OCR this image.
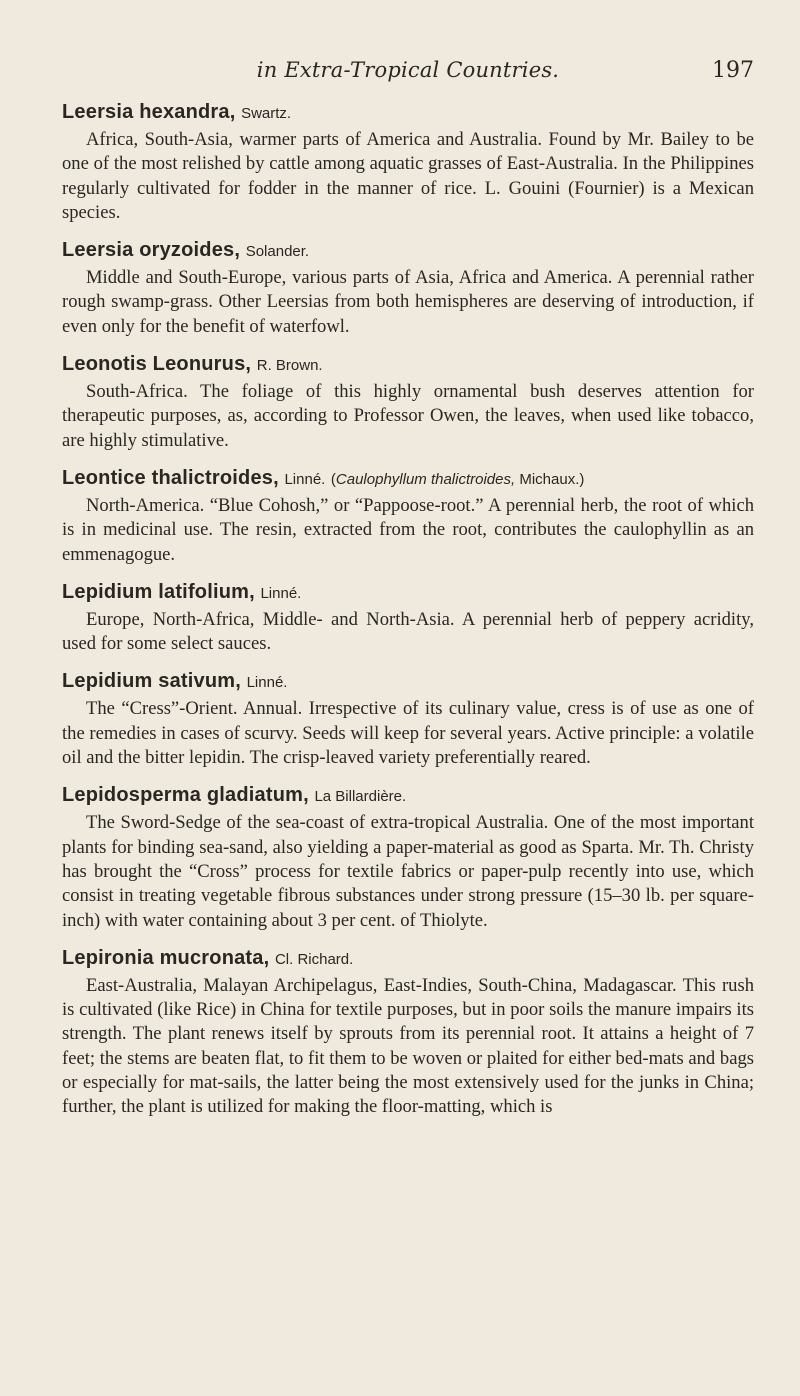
in Extra-Tropical Countries.	197
Leersia hexandra, Swartz.

Africa, South-Asia, warmer parts of America and Australia. Found by Mr. Bailey to be one of the most relished by cattle among aquatic grasses of East-Australia. In the Philippines regularly cultivated for fodder in the manner of rice. L. Gouini (Fournier) is a Mexican species.

Leersia oryzoides, Solander.

Middle and South-Europe, various parts of Asia, Africa and America. A perennial rather rough swamp-grass. Other Leersias from both hemispheres are deserving of introduction, if even only for the benefit of waterfowl.

Leonotis Leonurus, R. Brown.

South-Africa. The foliage of this highly ornamental bush deserves attention for therapeutic purposes, as, according to Professor Owen, the leaves, when used like tobacco, are highly stimulative.

Leontice thalictroides, Linné. (Caulophyllum thalictroides, Michaux.)

North-America. “Blue Cohosh,” or “Pappoose-root.” A perennial herb, the root of which is in medicinal use. The resin, extracted from the root, contributes the caulophyllin as an emmenagogue.

Lepidium latifolium, Linné.

Europe, North-Africa, Middle- and North-Asia. A perennial herb of peppery acridity, used for some select sauces.

Lepidium sativum, Linné.

The “Cress”-Orient. Annual. Irrespective of its culinary value, cress is of use as one of the remedies in cases of scurvy. Seeds will keep for several years. Active principle: a volatile oil and the bitter lepidin. The crisp-leaved variety preferentially reared.

Lepidosperma gladiatum, La Billardière.

The Sword-Sedge of the sea-coast of extra-tropical Australia. One of the most important plants for binding sea-sand, also yielding a paper-material as good as Sparta. Mr. Th. Christy has brought the “Cross” process for textile fabrics or paper-pulp recently into use, which consist in treating vegetable fibrous substances under strong pressure (15–30 lb. per square-inch) with water containing about 3 per cent. of Thiolyte.

Lepironia mucronata, Cl. Richard.

East-Australia, Malayan Archipelagus, East-Indies, South-China, Madagascar. This rush is cultivated (like Rice) in China for textile purposes, but in poor soils the manure impairs its strength. The plant renews itself by sprouts from its perennial root. It attains a height of 7 feet; the stems are beaten flat, to fit them to be woven or plaited for either bed-mats and bags or especially for mat-sails, the latter being the most extensively used for the junks in China; further, the plant is utilized for making the floor-matting, which is
